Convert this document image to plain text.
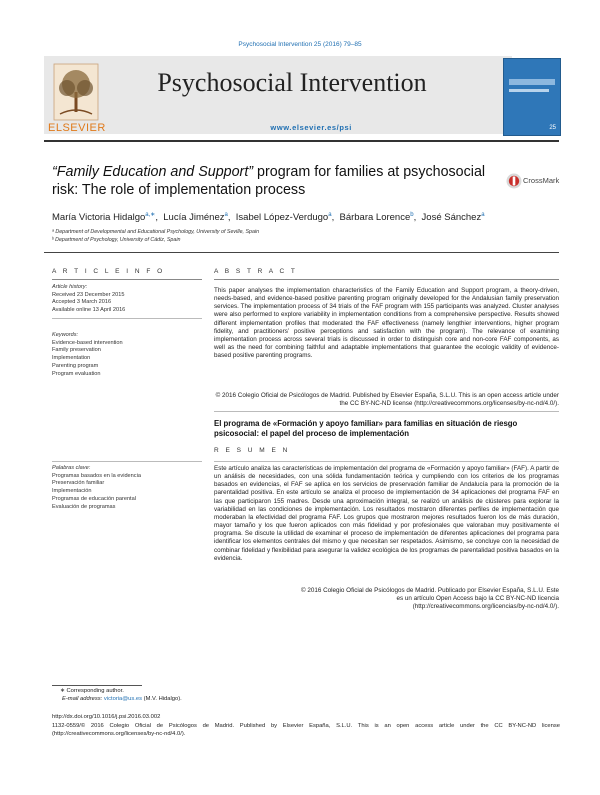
Psychosocial Intervention 25 (2016) 79–85
ELSEVIER
Psychosocial Intervention
www.elsevier.es/psi	25
“Family Education and Support” program for families at psychosocial risk: The role of implementation process
CrossMark
María Victoria Hidalgo$^{a,∗}$,  Lucía Jiménez$^a$,  Isabel López-Verdugo$^a$,  Bárbara Lorence$^b$,  José Sánchez$^a$
ᵃ Department of Developmental and Educational Psychology, University of Seville, Spain
ᵇ Department of Psychology, University of Cádiz, Spain
A R T I C L E I N F O
Article history:
Received 23 December 2015
Accepted 3 March 2016
Available online 13 April 2016
Keywords:
Evidence-based intervention
Family preservation
Implementation
Parenting program
Program evaluation
Palabras clave:
Programas basados en la evidencia
Preservación familiar
Implementación
Programas de educación parental
Evaluación de programas
A B S T R A C T
This paper analyses the implementation characteristics of the Family Education and Support program, a theory-driven, needs-based, and evidence-based positive parenting program originally developed for the Andalusian family preservation services. The implementation process of 34 trials of the FAF program with 155 participants was analyzed. Cluster analyses were also performed to explore variability in implementation conditions from a comprehensive perspective. Results showed different implementation profiles that moderated the FAF effectiveness (namely lengthier interventions, higher program fidelity, and practitioners’ positive perceptions and satisfaction with the program). The relevance of examining implementation process across several trials is discussed in order to distinguish core and non-core FAF components, as well as the need for combining faithful and adaptable implementations that guarantee the ecologic validity of evidence-based positive parenting programs.
© 2016 Colegio Oficial de Psicólogos de Madrid. Published by Elsevier España, S.L.U. This is an open access article under the CC BY-NC-ND license (http://creativecommons.org/licenses/by-nc-nd/4.0/).
El programa de «Formación y apoyo familiar» para familias en situación de riesgo psicosocial: el papel del proceso de implementación
R E S U M E N
Este artículo analiza las características de implementación del programa de «Formación y apoyo familiar» (FAF). A partir de un análisis de necesidades, con una sólida fundamentación teórica y cumpliendo con los criterios de los programas basados en evidencias, el FAF se aplica en los servicios de preservación familiar de Andalucía para la promoción de la parentalidad positiva. En este artículo se analiza el proceso de implementación de 34 aplicaciones del programa FAF en las que participaron 155 madres. Desde una aproximación integral, se realizó un análisis de clústeres para explorar la variabilidad en las condiciones de implementación. Los resultados mostraron diferentes perfiles de implementación que moderaban la efectividad del programa FAF. Los grupos que mostraron mejores resultados fueron los de más duración, mayor tamaño y los que fueron aplicados con más fidelidad y por profesionales que valoraban muy positivamente el programa. Se discute la utilidad de examinar el proceso de implementación de diferentes aplicaciones del programa para identificar los elementos centrales del mismo y que necesitan ser respetados. Asimismo, se concluye con la necesidad de combinar fidelidad y flexibilidad para asegurar la validez ecológica de los programas de parentalidad positiva basados en la evidencia.
© 2016 Colegio Oficial de Psicólogos de Madrid. Publicado por Elsevier España, S.L.U. Este es un artículo Open Access bajo la CC BY-NC-ND licencia (http://creativecommons.org/licencias/by-nc-nd/4.0/).
∗ Corresponding author.
E-mail address: victoria@us.es (M.V. Hidalgo).
http://dx.doi.org/10.1016/j.psi.2016.03.002
1132-0559/© 2016 Colegio Oficial de Psicólogos de Madrid. Published by Elsevier España, S.L.U. This is an open access article under the CC BY-NC-ND license (http://creativecommons.org/licenses/by-nc-nd/4.0/).
